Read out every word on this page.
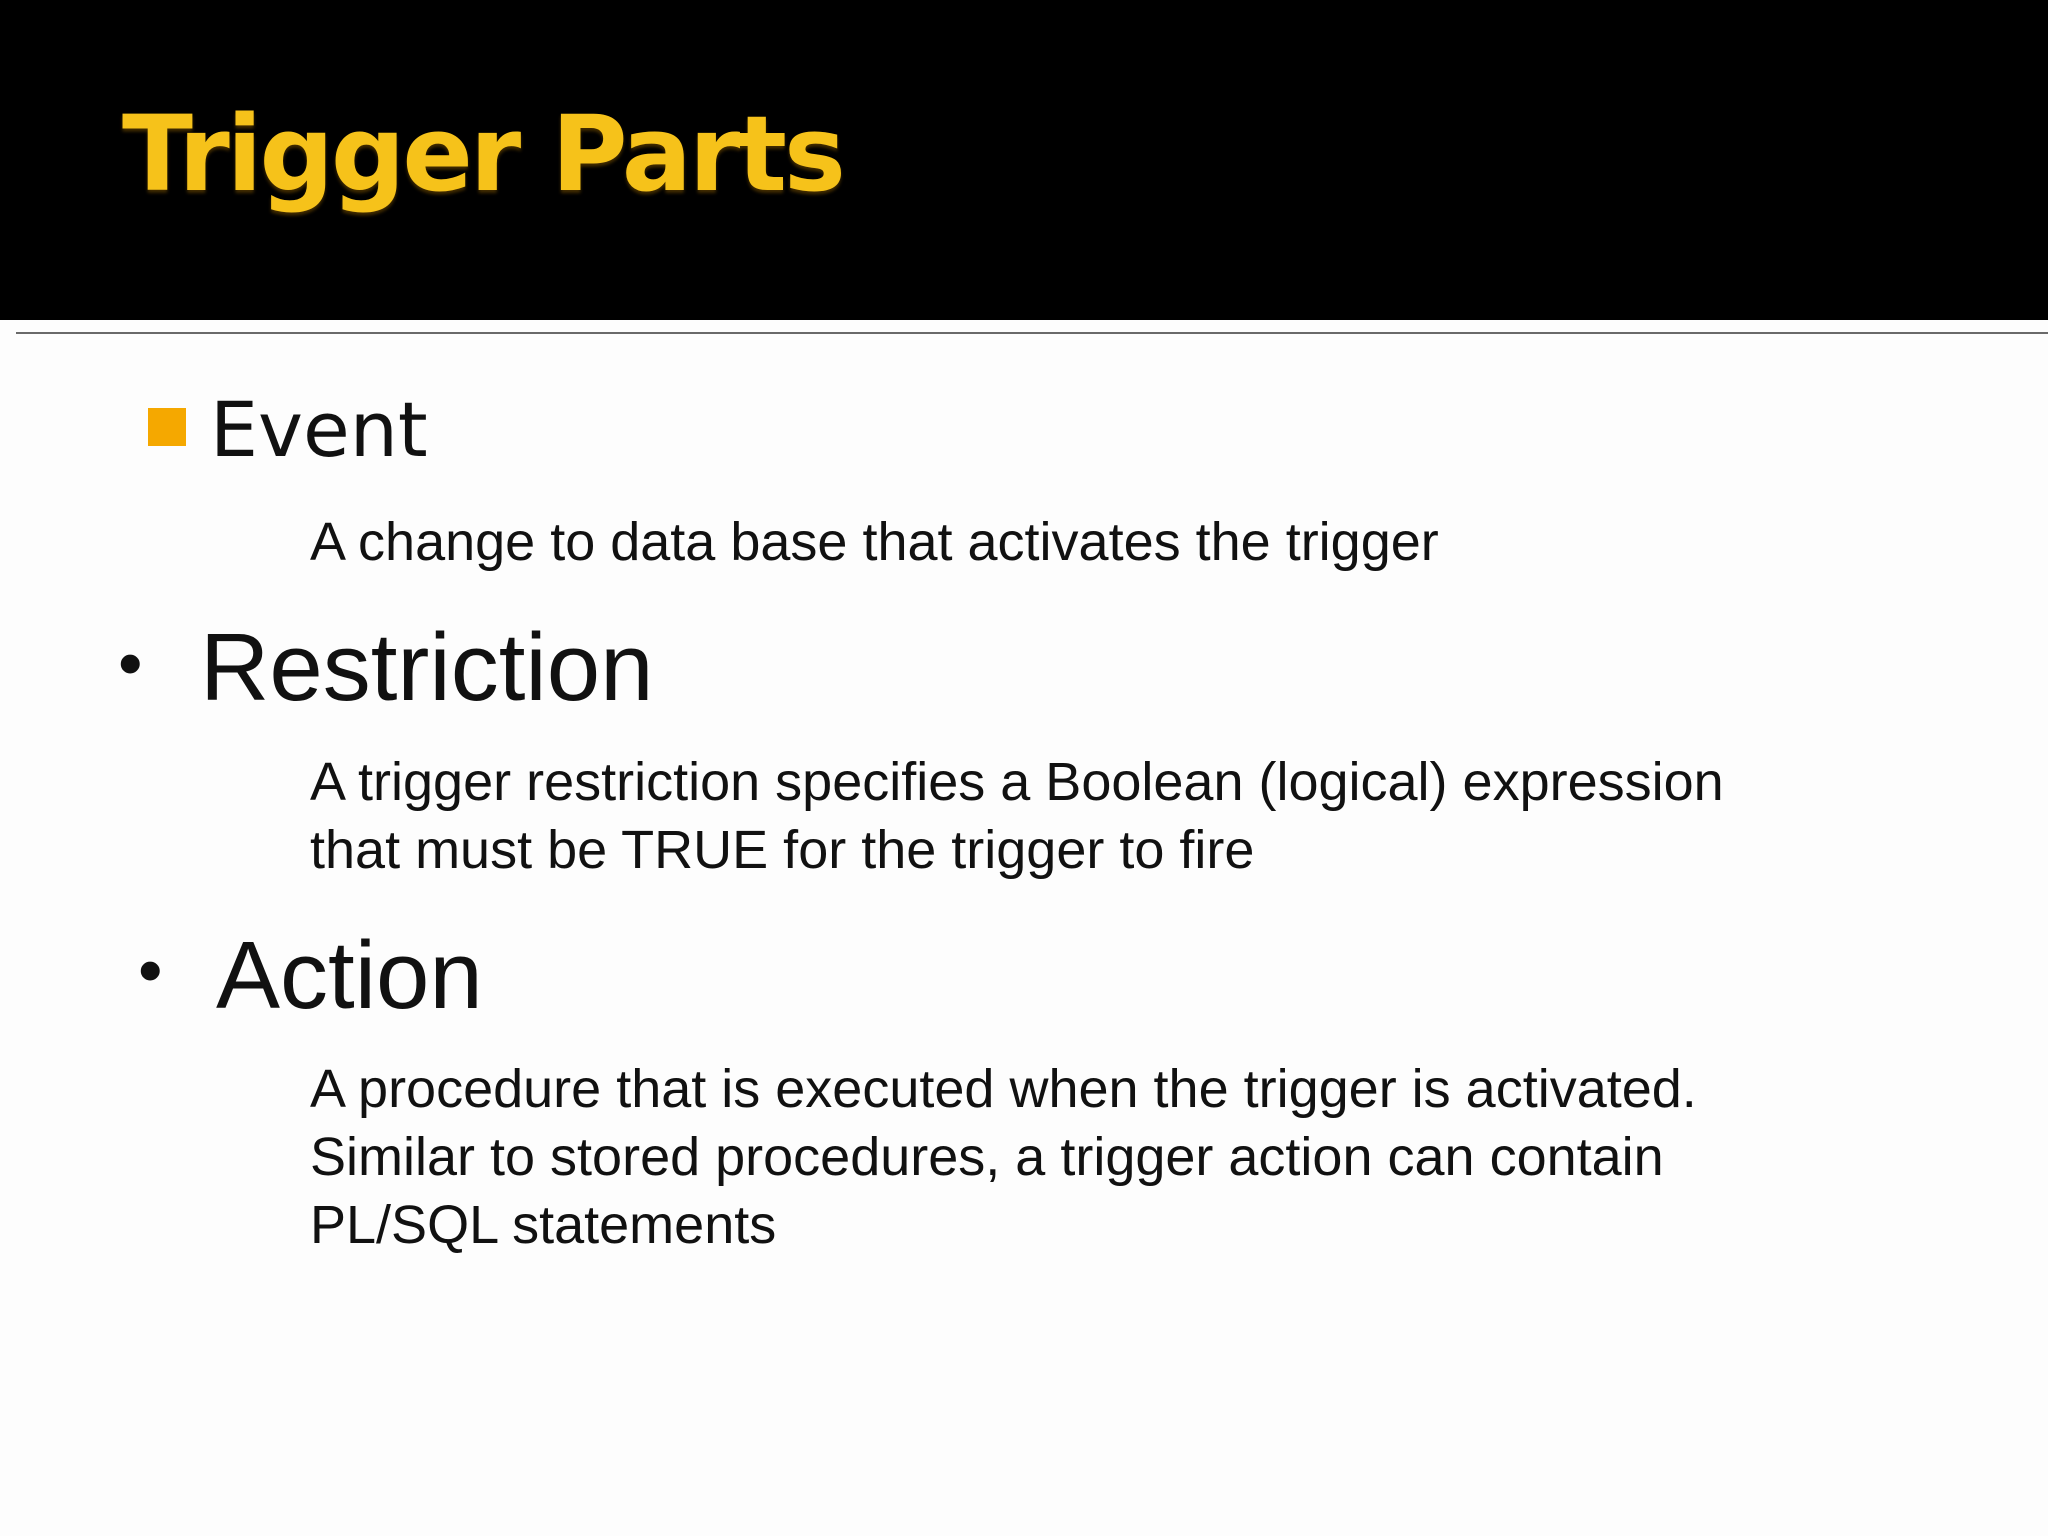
Trigger Parts
Event
A change to data base that activates the trigger
• Restriction
A trigger restriction specifies a Boolean (logical) expression
that must be TRUE for the trigger to fire
• Action
A procedure that is executed when the trigger is activated.
Similar to stored procedures, a trigger action can contain
PL/SQL statements
